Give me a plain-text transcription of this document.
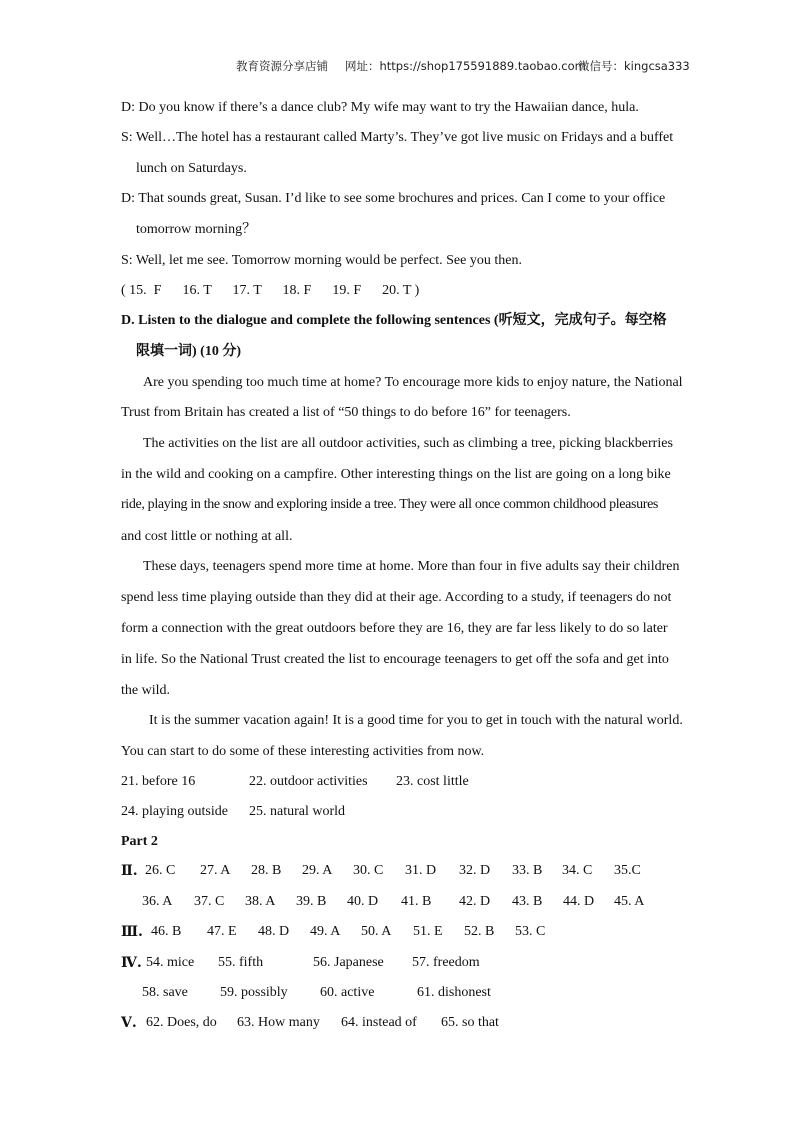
教育资源分享店铺 网址：https://shop175591889.taobao.com
微信号：kingcsa333
D: Do you know if there’s a dance club? My wife may want to try the Hawaiian dance, hula.
S: Well…The hotel has a restaurant called Marty’s. They’ve got live music on Fridays and a buffet
lunch on Saturdays.
D: That sounds great, Susan. I’d like to see some brochures and prices. Can I come to your office
tomorrow morning？
S: Well, let me see. Tomorrow morning would be perfect. See you then.
( 15.  F      16. T      17. T      18. F      19. F      20. T )
D. Listen to the dialogue and complete the following sentences (听短文，完成句子。每空格
限填一词) (10 分)
Are you spending too much time at home? To encourage more kids to enjoy nature, the National
Trust from Britain has created a list of “50 things to do before 16” for teenagers.
The activities on the list are all outdoor activities, such as climbing a tree, picking blackberries
in the wild and cooking on a campfire. Other interesting things on the list are going on a long bike
ride, playing in the snow and exploring inside a tree. They were all once common childhood pleasures
and cost little or nothing at all.
These days, teenagers spend more time at home. More than four in five adults say their children
spend less time playing outside than they did at their age. According to a study, if teenagers do not
form a connection with the great outdoors before they are 16, they are far less likely to do so later
in life. So the National Trust created the list to encourage teenagers to get off the sofa and get into
the wild.
It is the summer vacation again! It is a good time for you to get in touch with the natural world.
You can start to do some of these interesting activities from now.
21. before 16	22. outdoor activities 23. cost little
24. playing outside 25. natural world
Part 2
Ⅱ. 26. C 27. A 28. B 29. A 30. C 31. D 32. D 33. B 34. C 35.C
36. A 37. C 38. A 39. B 40. D 41. B 42. D 43. B 44. D 45. A
Ⅲ. 46. B 47. E 48. D 49. A 50. A 51. E 52. B 53. C
Ⅳ. 54. mice 55. fifth	56. Japanese 57. freedom
58. save 59. possibly 60. active	61. dishonest
Ⅴ. 62. Does, do 63. How many 64. instead of 65. so that
